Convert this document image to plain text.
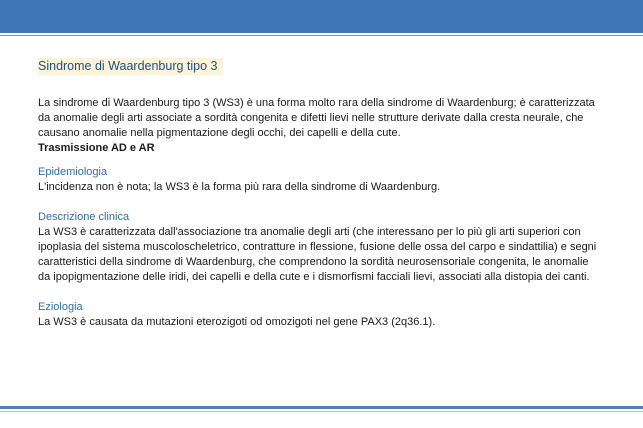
Sindrome di Waardenburg tipo 3

La sindrome di Waardenburg tipo 3 (WS3) è una forma molto rara della sindrome di Waardenburg; è caratterizzata da anomalie degli arti associate a sordità congenita e difetti lievi nelle strutture derivate dalla cresta neurale, che causano anomalie nella pigmentazione degli occhi, dei capelli e della cute.

Trasmissione AD e AR

Epidemiologia

L'incidenza non è nota; la WS3 è la forma più rara della sindrome di Waardenburg.

Descrizione clinica

La WS3 è caratterizzata dall'associazione tra anomalie degli arti (che interessano per lo più gli arti superiori con ipoplasia del sistema muscoloscheletrico, contratture in flessione, fusione delle ossa del carpo e sindattilia) e segni caratteristici della sindrome di Waardenburg, che comprendono la sordità neurosensoriale congenita, le anomalie da ipopigmentazione delle iridi, dei capelli e della cute e i dismorfismi facciali lievi, associati alla distopia dei canti.

Eziologia

La WS3 è causata da mutazioni eterozigoti od omozigoti nel gene PAX3 (2q36.1).
